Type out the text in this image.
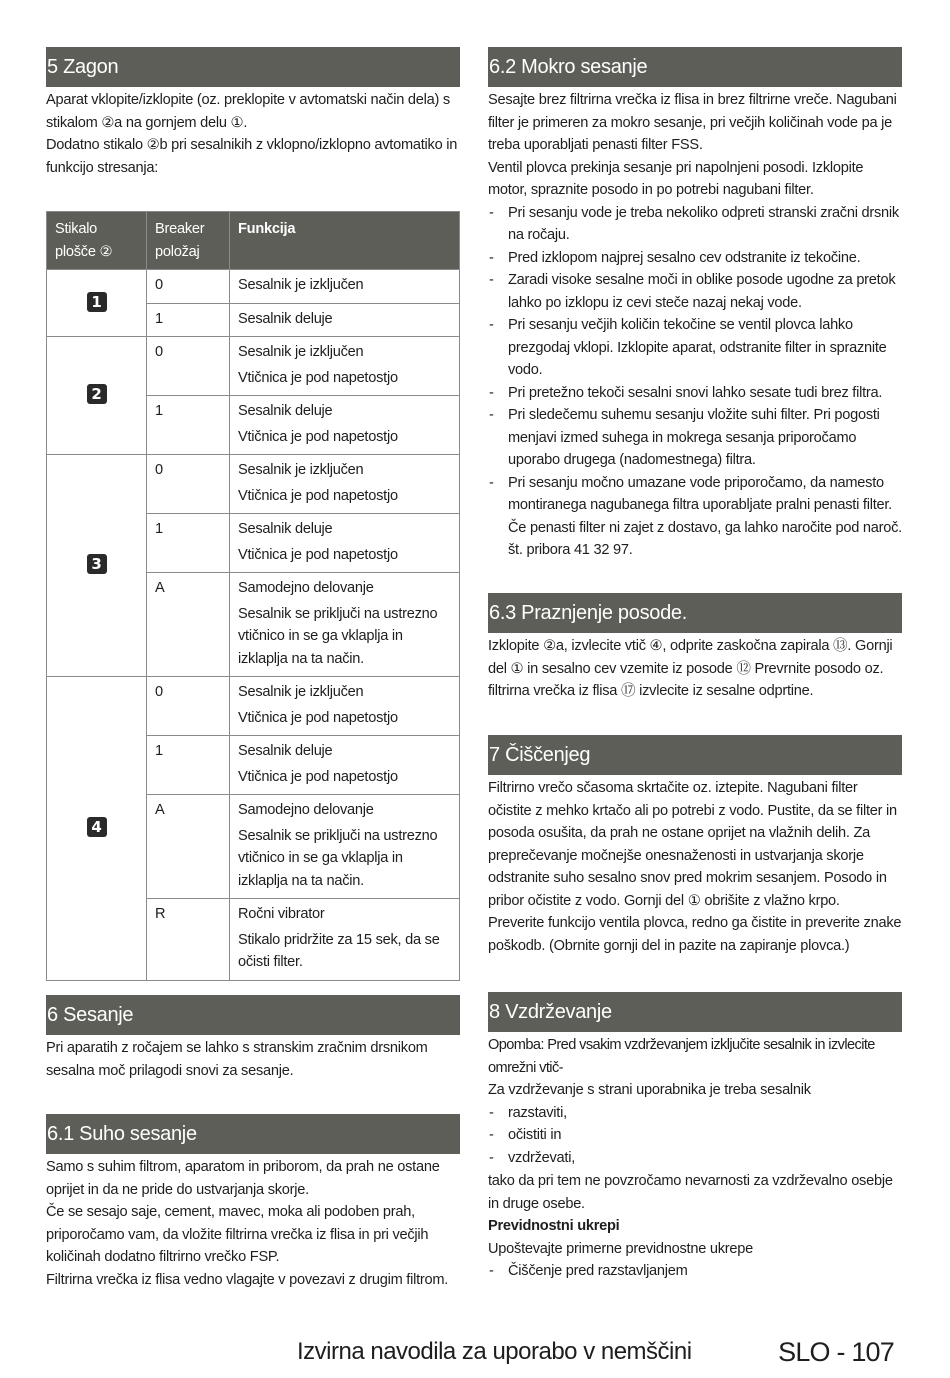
5 Zagon

Aparat vklopite/izklopite (oz. preklopite v avtomatski način dela) s stikalom ②a na gornjem delu ①.

Dodatno stikalo ②b pri sesalnikih z vklopno/izklopno avtomatiko in funkcijo stresanja:

Stikalo plošče ②	Breaker položaj	Funkcija
1	0	Sesalnik je izključen

	1	Sesalnik deluje

2	0	Sesalnik je izključen
Vtičnica je pod napetostjo

	1	Sesalnik deluje
Vtičnica je pod napetostjo

3	0	Sesalnik je izključen
Vtičnica je pod napetostjo

	1	Sesalnik deluje
Vtičnica je pod napetostjo

	A	Samodejno delovanje
Sesalnik se priključi na ustrezno vtičnico in se ga vklaplja in izklaplja na ta način.

4	0	Sesalnik je izključen
Vtičnica je pod napetostjo

	1	Sesalnik deluje
Vtičnica je pod napetostjo

	A	Samodejno delovanje
Sesalnik se priključi na ustrezno vtičnico in se ga vklaplja in izklaplja na ta način.

	R	Ročni vibrator
Stikalo pridržite za 15 sek, da se očisti filter.
6 Sesanje

Pri aparatih z ročajem se lahko s stranskim zračnim drsnikom sesalna moč prilagodi snovi za sesanje.

6.1 Suho sesanje

Samo s suhim filtrom, aparatom in priborom, da prah ne ostane oprijet in da ne pride do ustvarjanja skorje.

Če se sesajo saje, cement, mavec, moka ali podoben prah, priporočamo vam, da vložite filtrirna vrečka iz flisa in pri večjih količinah dodatno filtrirno vrečko FSP.

Filtrirna vrečka iz flisa vedno vlagajte v povezavi z drugim filtrom.

6.2 Mokro sesanje

Sesajte brez filtrirna vrečka iz flisa in brez filtrirne vreče. Nagubani filter je primeren za mokro sesanje, pri večjih količinah vode pa je treba uporabljati penasti filter FSS.

Ventil plovca prekinja sesanje pri napolnjeni posodi. Izklopite motor, spraznite posodo in po potrebi nagubani filter.

- Pri sesanju vode je treba nekoliko odpreti stranski zračni drsnik na ročaju.
- Pred izklopom najprej sesalno cev odstranite iz tekočine.
- Zaradi visoke sesalne moči in oblike posode ugodne za pretok lahko po izklopu iz cevi steče nazaj nekaj vode.
- Pri sesanju večjih količin tekočine se ventil plovca lahko prezgodaj vklopi. Izklopite aparat, odstranite filter in spraznite vodo.
- Pri pretežno tekoči sesalni snovi lahko sesate tudi brez filtra.
- Pri sledečemu suhemu sesanju vložite suhi filter. Pri pogosti menjavi izmed suhega in mokrega sesanja priporočamo uporabo drugega (nadomestnega) filtra.
- Pri sesanju močno umazane vode priporočamo, da namesto montiranega nagubanega filtra uporabljate pralni penasti filter. Če penasti filter ni zajet z dostavo, ga lahko naročite pod naroč. št. pribora 41 32 97.
6.3 Praznjenje posode.

Izklopite ②a, izvlecite vtič ④, odprite zaskočna zapirala ⑬. Gornji del ① in sesalno cev vzemite iz posode ⑫ Prevrnite posodo oz. filtrirna vrečka iz flisa ⑰ izvlecite iz sesalne odprtine.

7 Čiščenjeg

Filtrirno vrečo sčasoma skrtačite oz. iztepite. Nagubani filter očistite z mehko krtačo ali po potrebi z vodo. Pustite, da se filter in posoda osušita, da prah ne ostane oprijet na vlažnih delih. Za preprečevanje močnejše onesnaženosti in ustvarjanja skorje odstranite suho sesalno snov pred mokrim sesanjem. Posodo in pribor očistite z vodo. Gornji del ① obrišite z vlažno krpo.

Preverite funkcijo ventila plovca, redno ga čistite in preverite znake poškodb. (Obrnite gornji del in pazite na zapiranje plovca.)

8 Vzdrževanje

Opomba: Pred vsakim vzdrževanjem izključite sesalnik in izvlecite omrežni vtič-

Za vzdrževanje s strani uporabnika je treba sesalnik

- razstaviti,
- očistiti in
- vzdrževati,

tako da pri tem ne povzročamo nevarnosti za vzdrževalno osebje in druge osebe.

Previdnostni ukrepi

Upoštevajte primerne previdnostne ukrepe

- Čiščenje pred razstavljanjem
Izvirna navodila za uporabo v nemščini	SLO - 107
